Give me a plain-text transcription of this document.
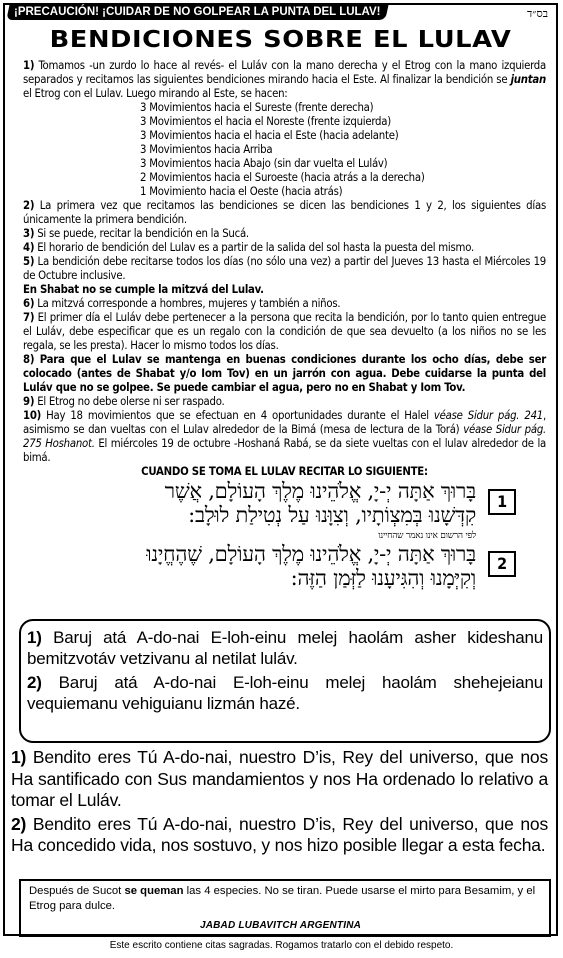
¡PRECAUCIÓN! ¡CUIDAR DE NO GOLPEAR LA PUNTA DEL LULAV!	בס״ד
BENDICIONES SOBRE EL LULAV

1) Tomamos -un zurdo lo hace al revés- el Luláv con la mano derecha y el Etrog con la mano izquierda separados y recitamos las siguientes bendiciones mirando hacia el Este. Al finalizar la bendición se juntan el Etrog con el Lulav. Luego mirando al Este, se hacen:

3 Movimientos hacia el Sureste (frente derecha)

3 Movimientos el hacia el Noreste (frente izquierda)

3 Movimientos hacia el hacia el Este (hacia adelante)

3 Movimientos hacia Arriba

3 Movimientos hacia Abajo (sin dar vuelta el Luláv)

2 Movimientos hacia el Suroeste (hacia atrás a la derecha)

1 Movimiento hacia el Oeste (hacia atrás)

2) La primera vez que recitamos las bendiciones se dicen las bendiciones 1 y 2, los siguientes días únicamente la primera bendición.

3) Si se puede, recitar la bendición en la Sucá.

4) El horario de bendición del Lulav es a partir de la salida del sol hasta la puesta del mismo.

5) La bendición debe recitarse todos los días (no sólo una vez) a partir del Jueves 13 hasta el Miércoles 19 de Octubre inclusive.

En Shabat no se cumple la mitzvá del Lulav.

6) La mitzvá corresponde a hombres, mujeres y también a niños.

7) El primer día el Luláv debe pertenecer a la persona que recita la bendición, por lo tanto quien entregue el Luláv, debe especificar que es un regalo con la condición de que sea devuelto (a los niños no se les regala, se les presta). Hacer lo mismo todos los días.

8) Para que el Lulav se mantenga en buenas condiciones durante los ocho días, debe ser colocado (antes de Shabat y/o Iom Tov) en un jarrón con agua. Debe cuidarse la punta del Luláv que no se golpee. Se puede cambiar el agua, pero no en Shabat y Iom Tov.

9) El Etrog no debe olerse ni ser raspado.

10) Hay 18 movimientos que se efectuan en 4 oportunidades durante el Halel véase Sidur pág. 241, asimismo se dan vueltas con el Lulav alrededor de la Bimá (mesa de lectura de la Torá) véase Sidur pág. 275 Hoshanot. El miércoles 19 de octubre -Hoshaná Rabá, se da siete vueltas con el lulav alrededor de la bimá.

CUANDO SE TOMA EL LULAV RECITAR LO SIGUIENTE:

1
בָּרוּךְ אַתָּה יְ-יָ, אֱלֹהֵינוּ מֶלֶךְ הָעוֹלָם, אֲשֶׁר
קִדְּשָׁנוּ בְּמִצְוֹתָיו, וְצִוָּנוּ עַל נְטִילַת לוּלָב:
2
לפי הרשום אינו נאמר שהחיינו
בָּרוּךְ אַתָּה יְ-יָ, אֱלֹהֵינוּ מֶלֶךְ הָעוֹלָם, שֶׁהֶחֱיָנוּ
וְקִיְּמָנוּ וְהִגִּיעָנוּ לַזְּמַן הַזֶּה:

1) Baruj atá A-do-nai E-loh-einu melej haolám asher kideshanu bemitzvotáv vetzivanu al netilat luláv.

2) Baruj atá A-do-nai E-loh-einu melej haolám shehejeianu vequiemanu vehiguianu lizmán hazé.

1) Bendito eres Tú A-do-nai, nuestro D’is, Rey del universo, que nos Ha santificado con Sus mandamientos y nos Ha ordenado lo relativo a tomar el Luláv.

2) Bendito eres Tú A-do-nai, nuestro D’is, Rey del universo, que nos Ha concedido vida, nos sostuvo, y nos hizo posible llegar a esta fecha.

Después de Sucot se queman las 4 especies. No se tiran. Puede usarse el mirto para Besamim, y el Etrog para dulce.
JABAD LUBAVITCH ARGENTINA
Este escrito contiene citas sagradas. Rogamos tratarlo con el debido respeto.
